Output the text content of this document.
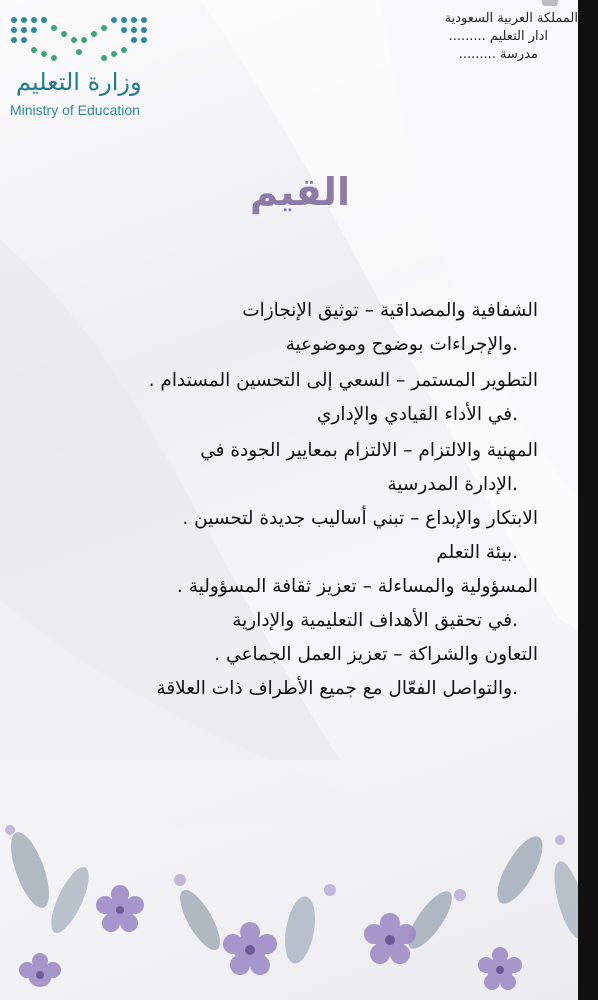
وزارة التعليم
Ministry of Education
المملكة العربية السعودية
ادار التعليم .........
مدرسة .........
القيم
الشفافية والمصداقية – توثيق الإنجازات
.والإجراءات بوضوح وموضوعية
التطوير المستمر – السعي إلى التحسين المستدام .
.في الأداء القيادي والإداري
المهنية والالتزام – الالتزام بمعايير الجودة في
.الإدارة المدرسية
الابتكار والإبداع – تبني أساليب جديدة لتحسين .
.بيئة التعلم
المسؤولية والمساءلة – تعزيز ثقافة المسؤولية .
.في تحقيق الأهداف التعليمية والإدارية
التعاون والشراكة – تعزيز العمل الجماعي .
.والتواصل الفعّال مع جميع الأطراف ذات العلاقة
